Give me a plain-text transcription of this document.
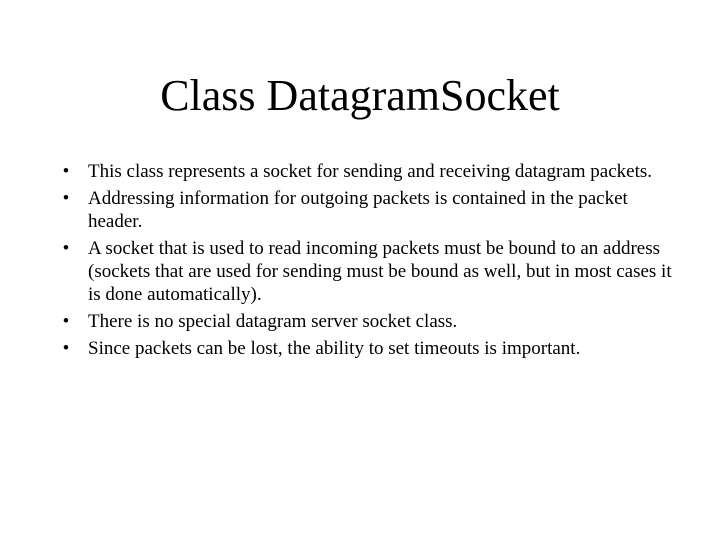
Class DatagramSocket
• This class represents a socket for sending and receiving datagram packets.
• Addressing information for outgoing packets is contained in the packet header.
• A socket that is used to read incoming packets must be bound to an address (sockets that are used for sending must be bound as well, but in most cases it is done automatically).
• There is no special datagram server socket class.
• Since packets can be lost, the ability to set timeouts is important.
